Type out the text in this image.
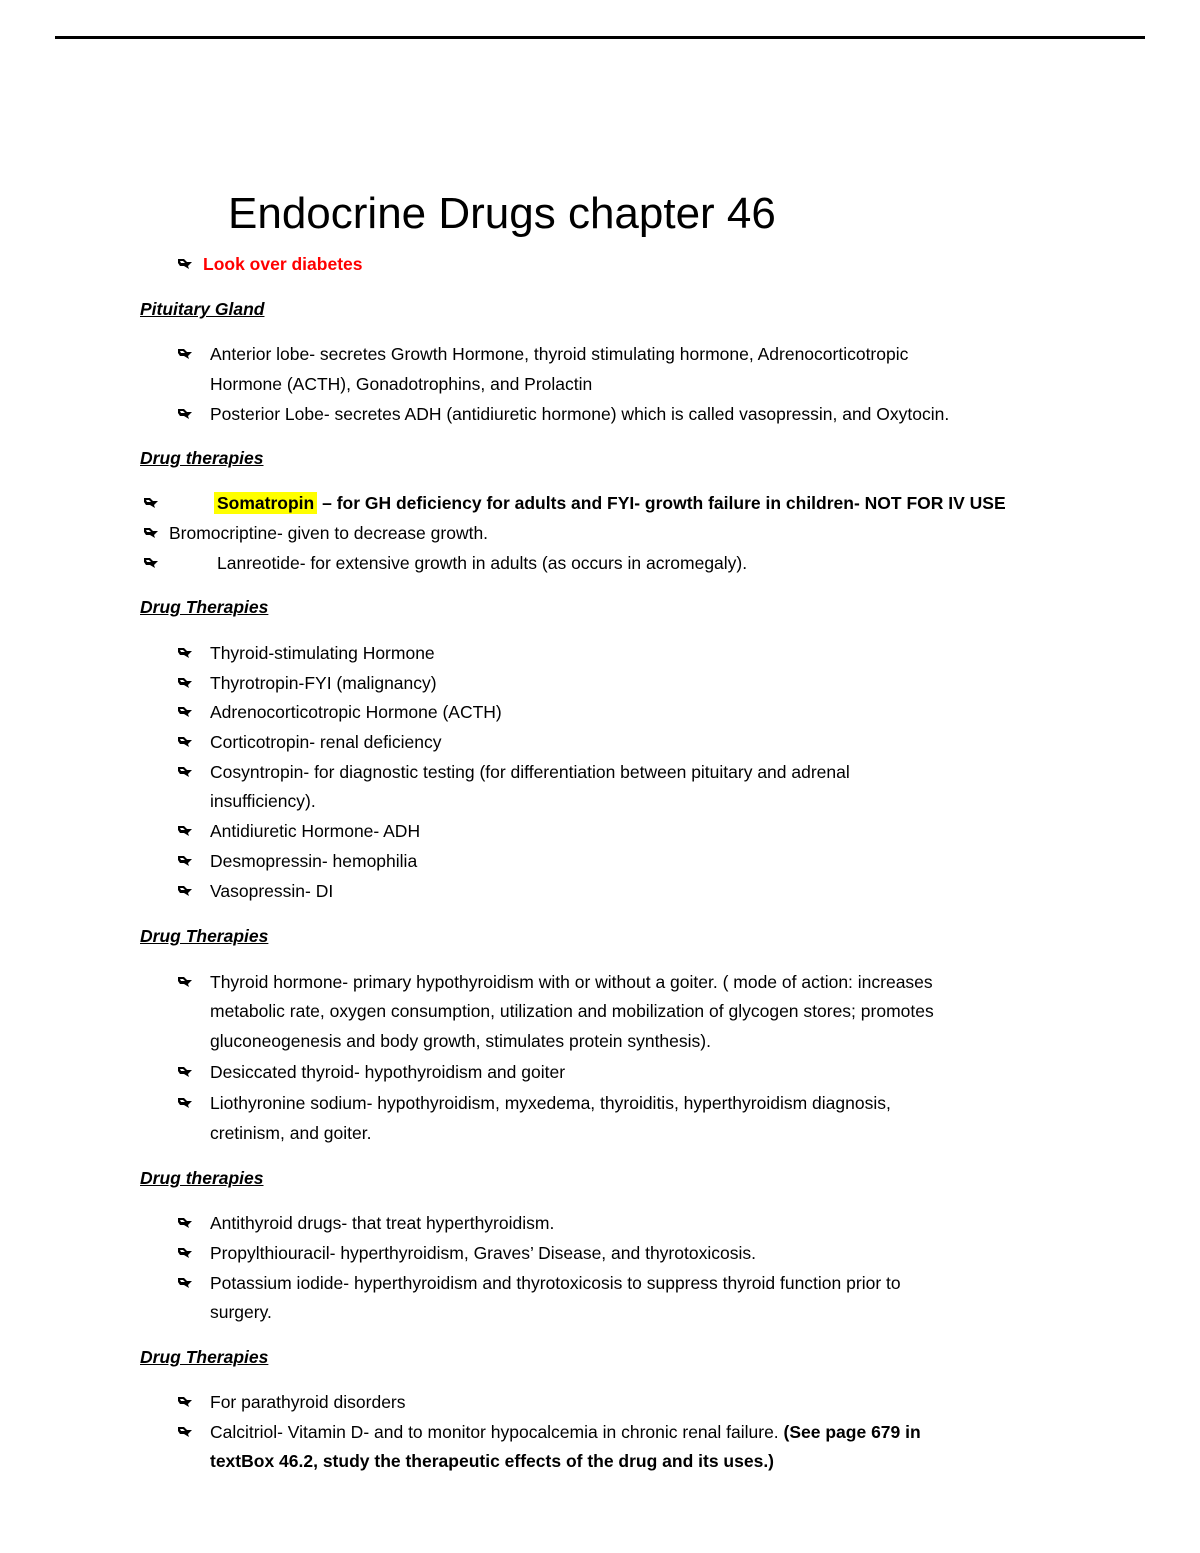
Endocrine Drugs chapter 46
Look over diabetes
Pituitary Gland
Anterior lobe- secretes Growth Hormone, thyroid stimulating hormone, Adrenocorticotropic
Hormone (ACTH), Gonadotrophins, and Prolactin
Posterior Lobe- secretes ADH (antidiuretic hormone) which is called vasopressin, and Oxytocin.
Drug therapies
Somatropin – for GH deficiency for adults and FYI- growth failure in children- NOT FOR IV USE
Bromocriptine- given to decrease growth.
Lanreotide- for extensive growth in adults (as occurs in acromegaly).
Drug Therapies
Thyroid-stimulating Hormone
Thyrotropin-FYI (malignancy)
Adrenocorticotropic Hormone (ACTH)
Corticotropin- renal deficiency
Cosyntropin- for diagnostic testing (for differentiation between pituitary and adrenal
insufficiency).
Antidiuretic Hormone- ADH
Desmopressin- hemophilia
Vasopressin- DI
Drug Therapies
Thyroid hormone- primary hypothyroidism with or without a goiter. ( mode of action: increases
metabolic rate, oxygen consumption, utilization and mobilization of glycogen stores; promotes
gluconeogenesis and body growth, stimulates protein synthesis).
Desiccated thyroid- hypothyroidism and goiter
Liothyronine sodium- hypothyroidism, myxedema, thyroiditis, hyperthyroidism diagnosis,
cretinism, and goiter.
Drug therapies
Antithyroid drugs- that treat hyperthyroidism.
Propylthiouracil- hyperthyroidism, Graves’ Disease, and thyrotoxicosis.
Potassium iodide- hyperthyroidism and thyrotoxicosis to suppress thyroid function prior to
surgery.
Drug Therapies
For parathyroid disorders
Calcitriol- Vitamin D- and to monitor hypocalcemia in chronic renal failure. (See page 679 in
textBox 46.2, study the therapeutic effects of the drug and its uses.)
